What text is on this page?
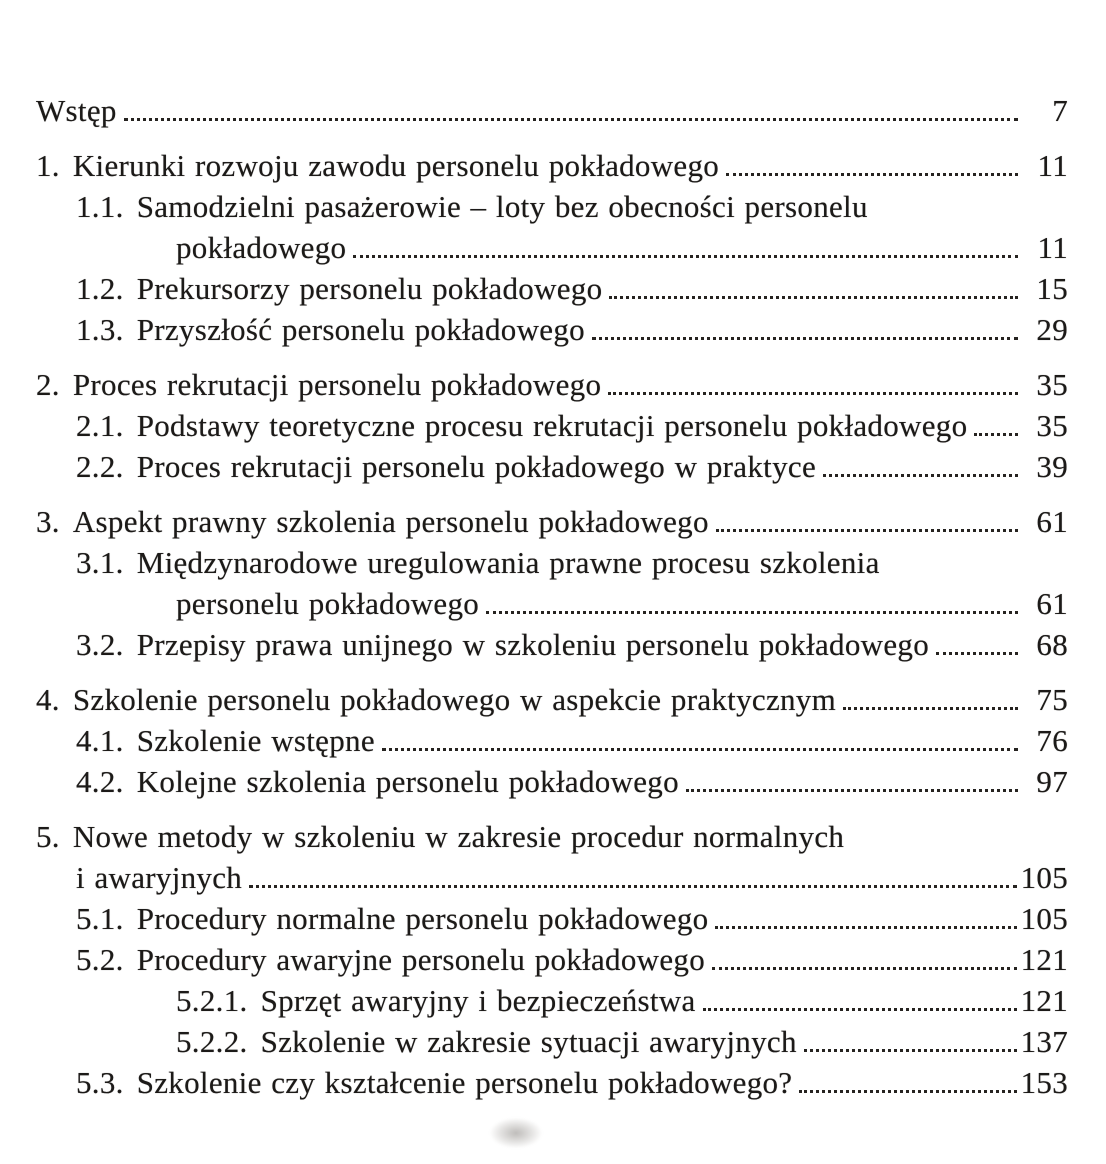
Wstęp	7
1. Kierunki rozwoju zawodu personelu pokładowego	11
1.1. Samodzielni pasażerowie – loty bez obecności personelu
pokładowego	11
1.2. Prekursorzy personelu pokładowego	15
1.3. Przyszłość personelu pokładowego	29
2. Proces rekrutacji personelu pokładowego	35
2.1. Podstawy teoretyczne procesu rekrutacji personelu pokładowego	35
2.2. Proces rekrutacji personelu pokładowego w praktyce	39
3. Aspekt prawny szkolenia personelu pokładowego	61
3.1. Międzynarodowe uregulowania prawne procesu szkolenia
personelu pokładowego	61
3.2. Przepisy prawa unijnego w szkoleniu personelu pokładowego	68
4. Szkolenie personelu pokładowego w aspekcie praktycznym	75
4.1. Szkolenie wstępne	76
4.2. Kolejne szkolenia personelu pokładowego	97
5. Nowe metody w szkoleniu w zakresie procedur normalnych
i awaryjnych	105
5.1. Procedury normalne personelu pokładowego	105
5.2. Procedury awaryjne personelu pokładowego	121
5.2.1. Sprzęt awaryjny i bezpieczeństwa	121
5.2.2. Szkolenie w zakresie sytuacji awaryjnych	137
5.3. Szkolenie czy kształcenie personelu pokładowego?	153
